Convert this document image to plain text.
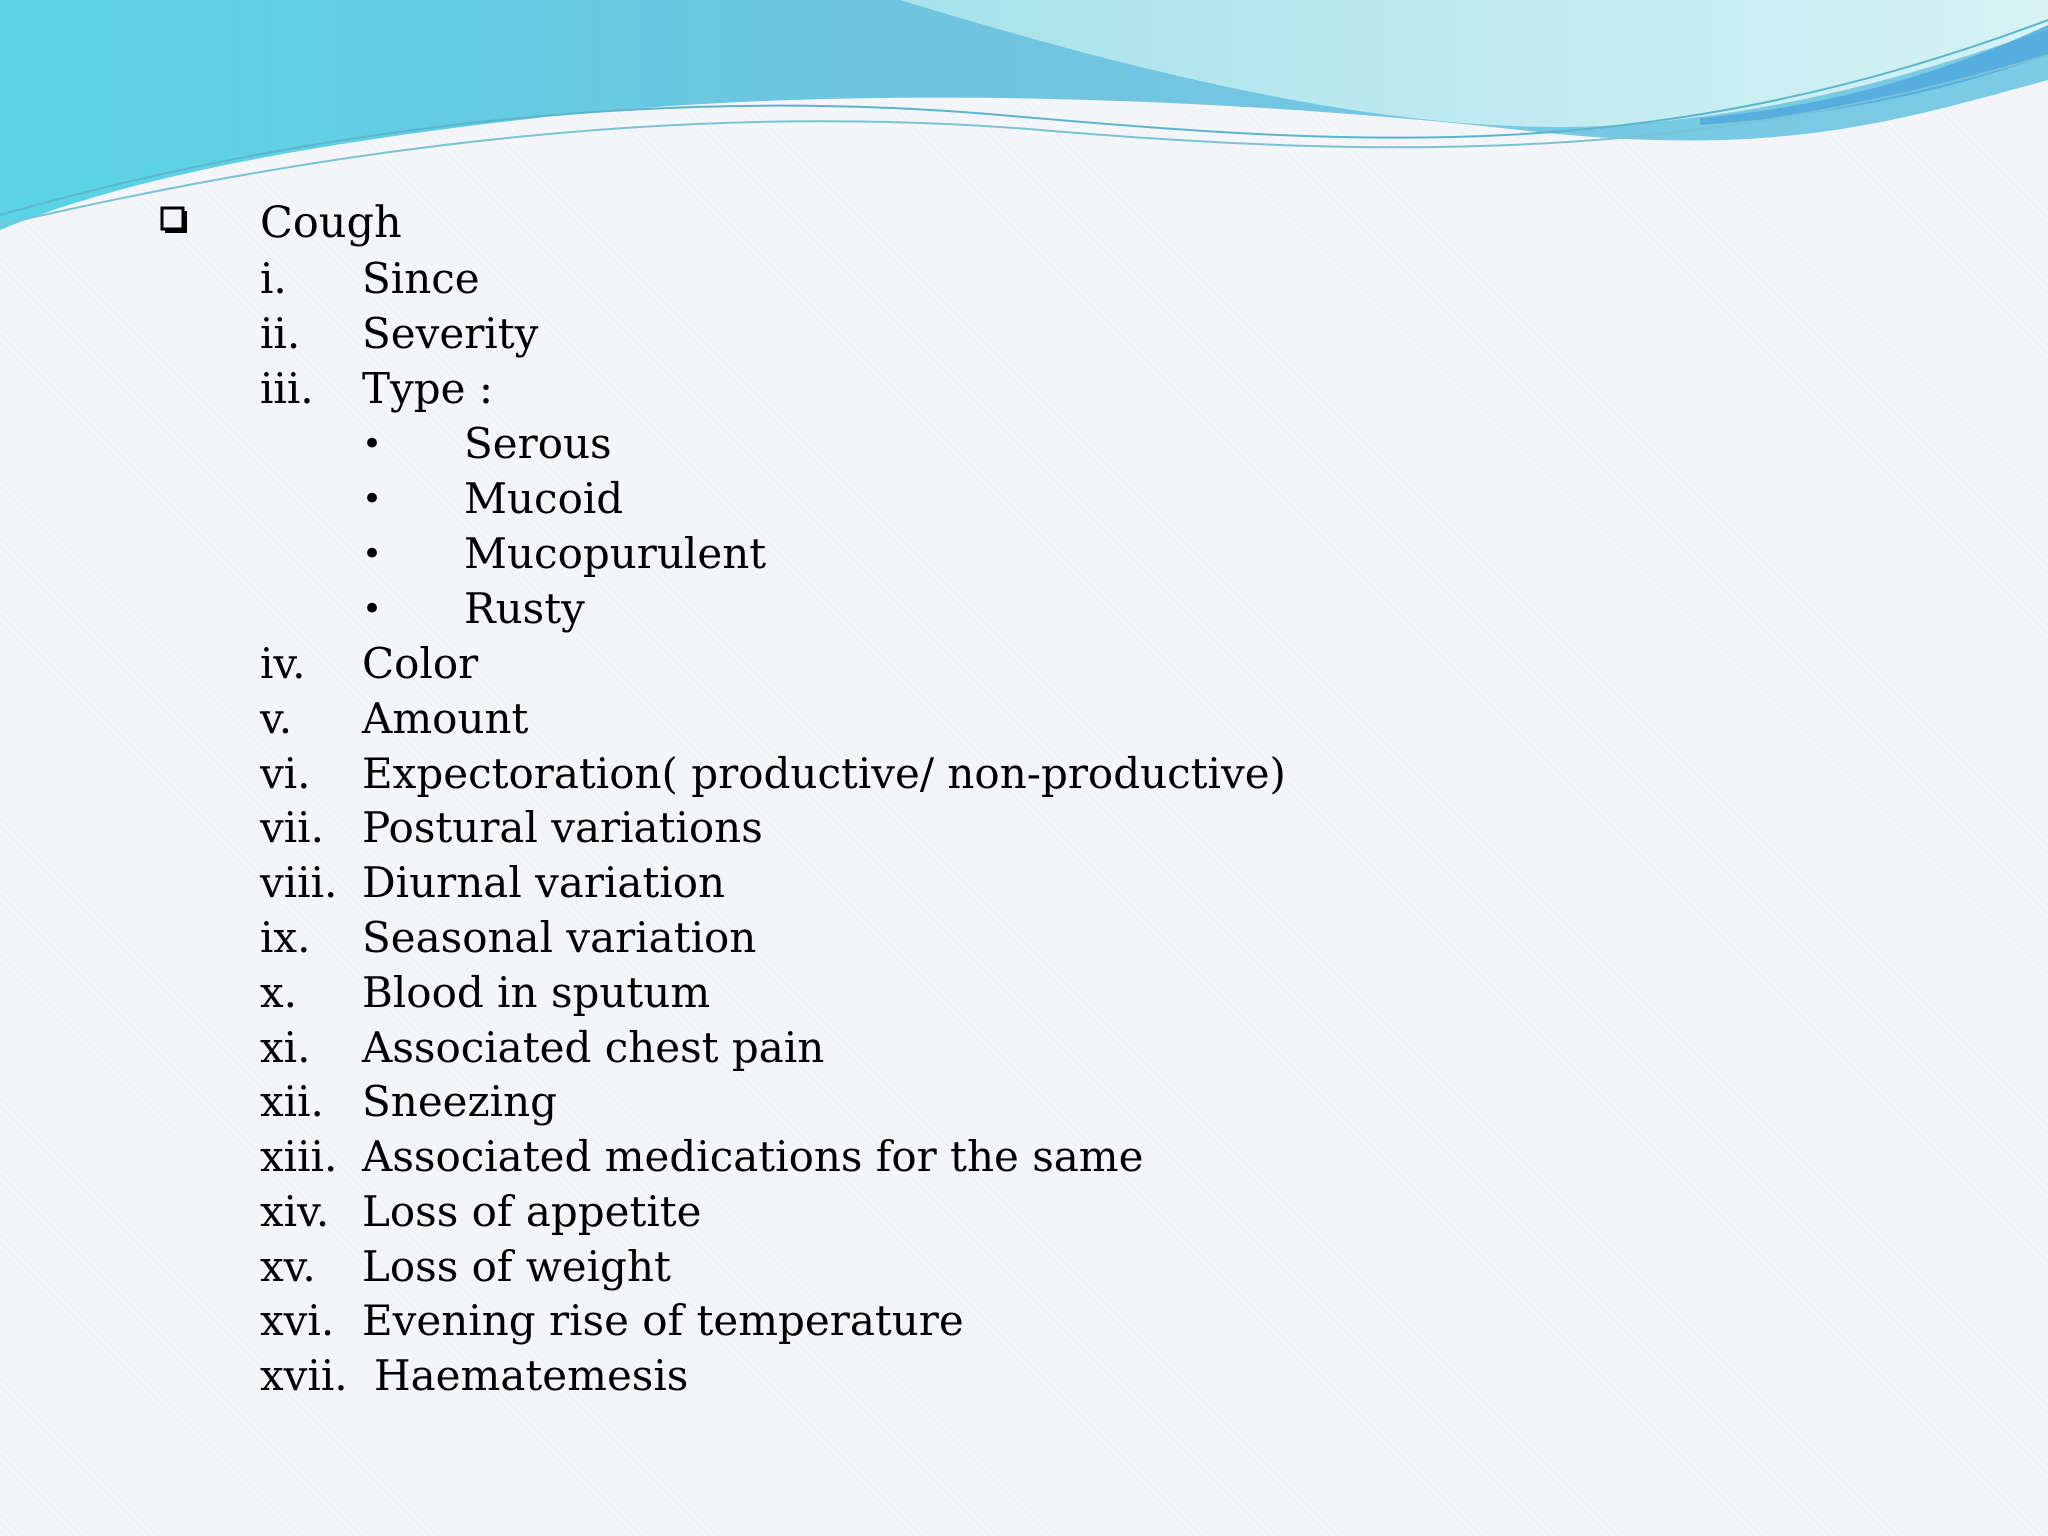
Cough
i. Since
ii. Severity
iii. Type :
• Serous
• Mucoid
• Mucopurulent
• Rusty
iv. Color
v. Amount
vi. Expectoration( productive/ non-productive)
vii. Postural variations
viii. Diurnal variation
ix. Seasonal variation
x. Blood in sputum
xi. Associated chest pain
xii. Sneezing
xiii. Associated medications for the same
xiv. Loss of appetite
xv. Loss of weight
xvi. Evening rise of temperature
xvii. Haematemesis
